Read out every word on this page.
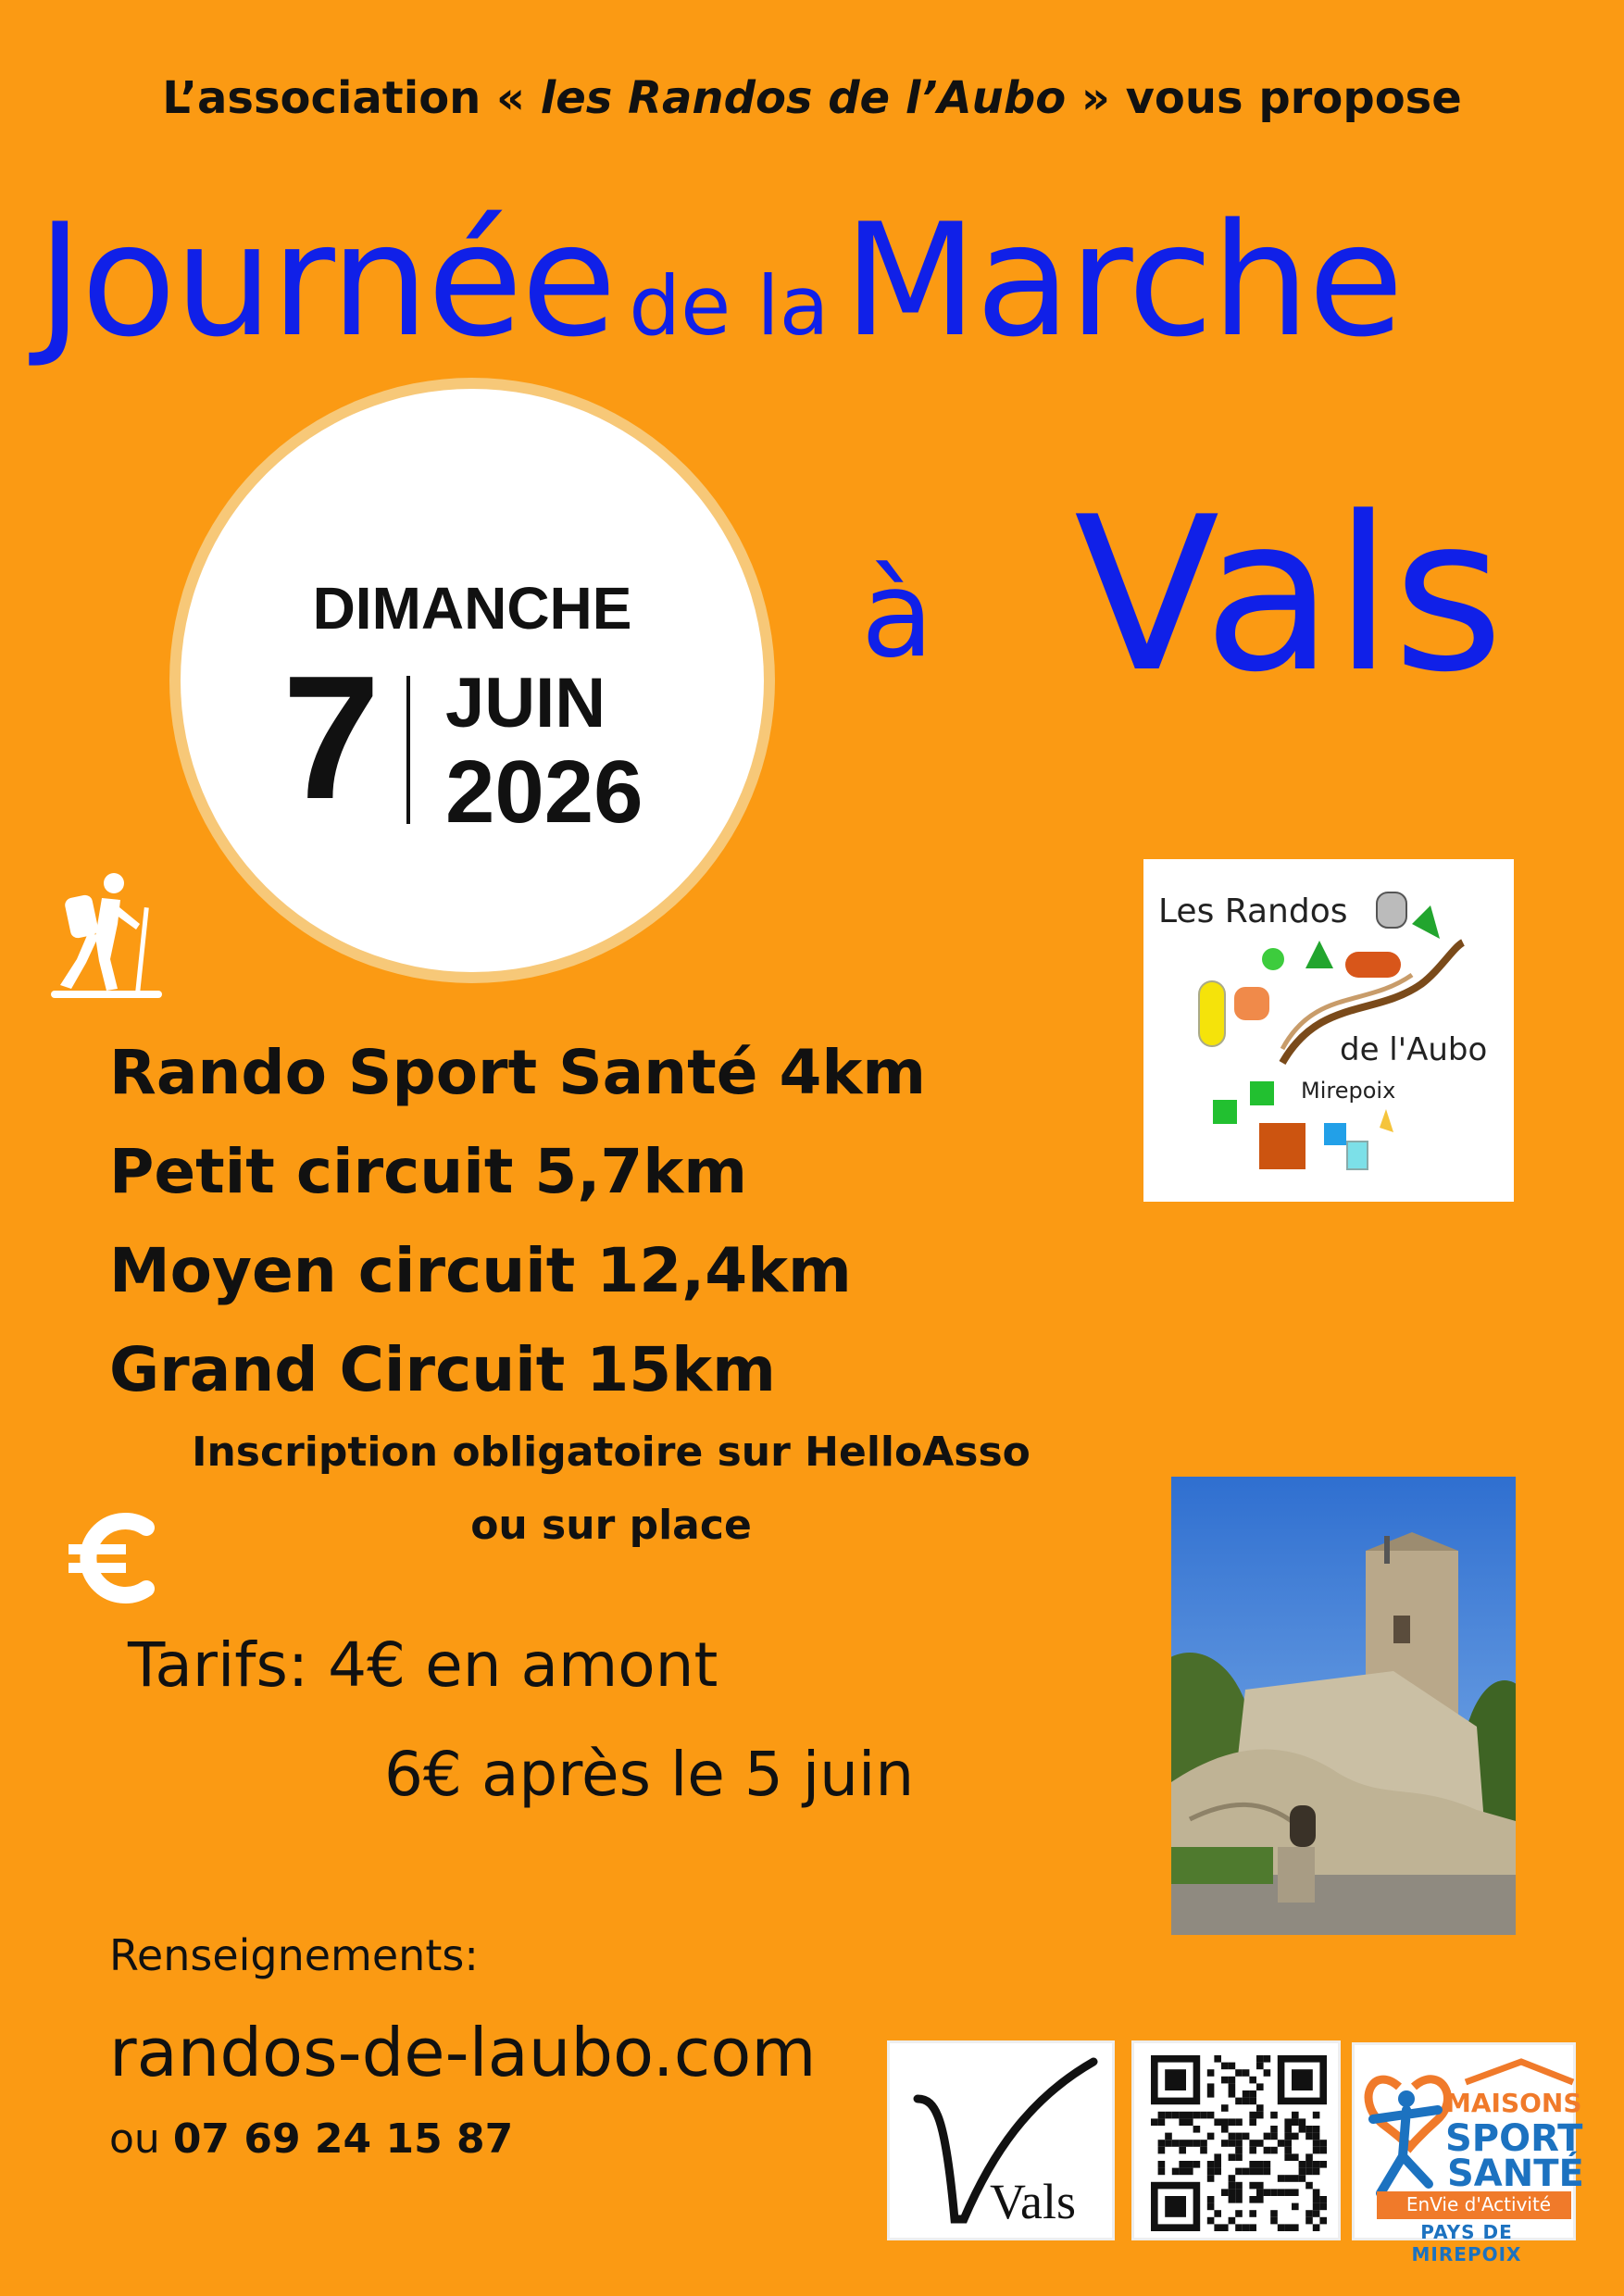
L’association « les Randos de l’Aubo » vous propose
Journée de la Marche
à Vals
DIMANCHE
7 JUIN
2026
Rando Sport Santé 4km
Petit circuit 5,7km
Moyen circuit 12,4km
Grand Circuit 15km
Inscription obligatoire sur HelloAsso
ou sur place
Tarifs: 4€ en amont
6€ après le 5 juin
Renseignements:
randos-de-laubo.com
ou 07 69 24 15 87
Les Randos
de l'Aubo
Mirepoix
Vals
MAISONS
SPORT
SANTÉ
EnVie d'Activité
PAYS DE MIREPOIX
